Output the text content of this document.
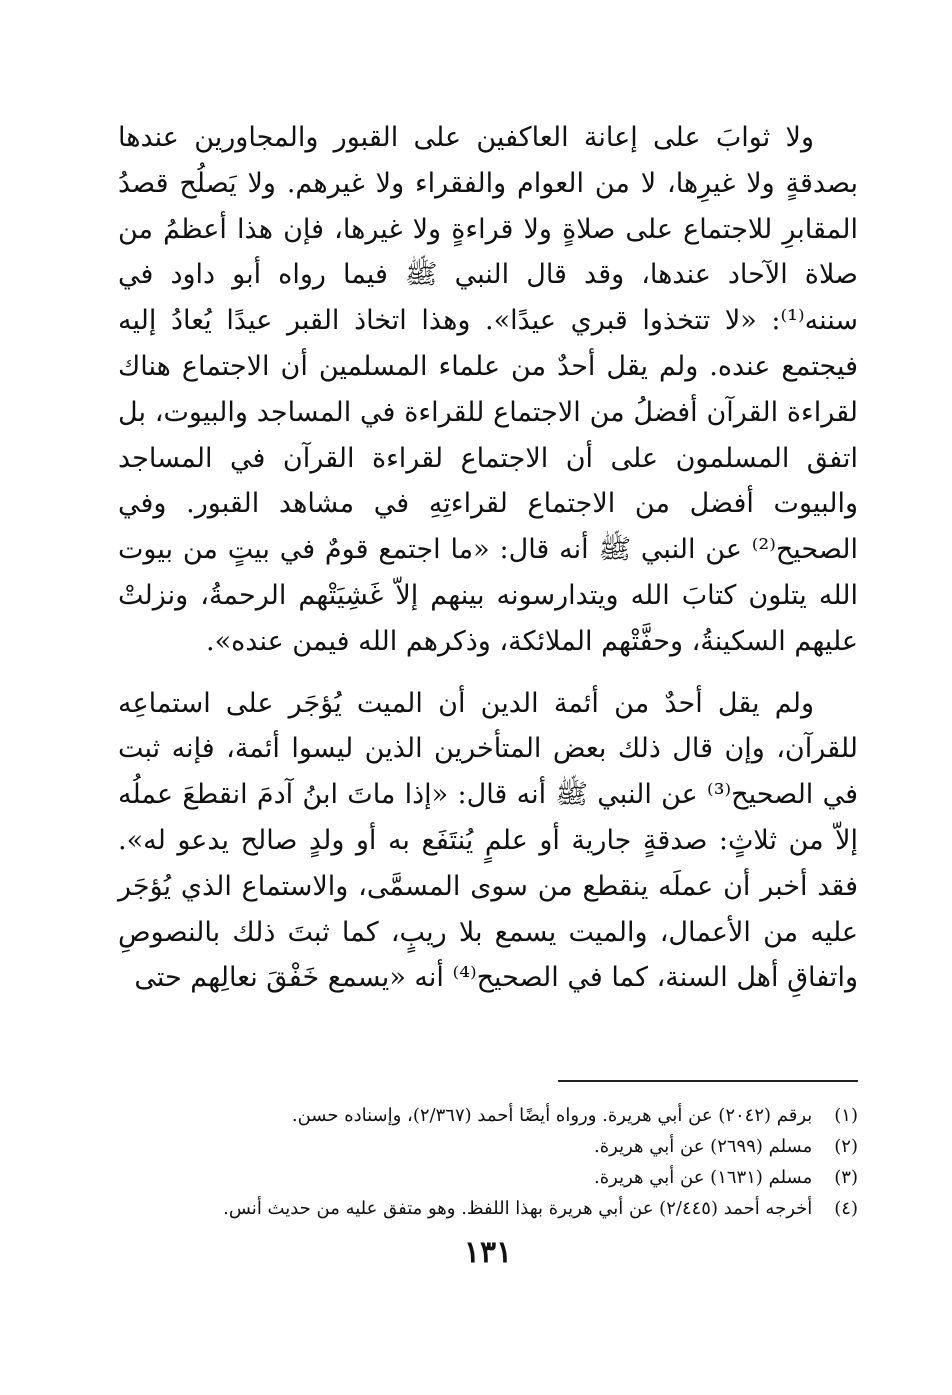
ولا ثوابَ على إعانة العاكفين على القبور والمجاورين عندها بصدقةٍ ولا غيرِها، لا من العوام والفقراء ولا غيرهم. ولا يَصلُح قصدُ المقابرِ للاجتماع على صلاةٍ ولا قراءةٍ ولا غيرها، فإن هذا أعظمُ من صلاة الآحاد عندها، وقد قال النبي ﷺ فيما رواه أبو داود في سننه⁽¹⁾: «لا تتخذوا قبري عيدًا». وهذا اتخاذ القبر عيدًا يُعادُ إليه فيجتمع عنده. ولم يقل أحدٌ من علماء المسلمين أن الاجتماع هناك لقراءة القرآن أفضلُ من الاجتماع للقراءة في المساجد والبيوت، بل اتفق المسلمون على أن الاجتماع لقراءة القرآن في المساجد والبيوت أفضل من الاجتماع لقراءتِهِ في مشاهد القبور. وفي الصحيح⁽²⁾ عن النبي ﷺ أنه قال: «ما اجتمع قومٌ في بيتٍ من بيوت الله يتلون كتابَ الله ويتدارسونه بينهم إلاّ غَشِيَتْهم الرحمةُ، ونزلتْ عليهم السكينةُ، وحفَّتْهم الملائكة، وذكرهم الله فيمن عنده».

ولم يقل أحدٌ من أئمة الدين أن الميت يُؤجَر على استماعِه للقرآن، وإن قال ذلك بعض المتأخرين الذين ليسوا أئمة، فإنه ثبت في الصحيح⁽³⁾ عن النبي ﷺ أنه قال: «إذا ماتَ ابنُ آدمَ انقطعَ عملُه إلاّ من ثلاثٍ: صدقةٍ جارية أو علمٍ يُنتَفَع به أو ولدٍ صالح يدعو له». فقد أخبر أن عملَه ينقطع من سوى المسمَّى، والاستماع الذي يُؤجَر عليه من الأعمال، والميت يسمع بلا ريبٍ، كما ثبتَ ذلك بالنصوصِ واتفاقِ أهل السنة، كما في الصحيح⁽⁴⁾ أنه «يسمع خَفْقَ نعالِهم حتى

(١) برقم (٢٠٤٢) عن أبي هريرة. ورواه أيضًا أحمد (٢/٣٦٧)، وإسناده حسن.
(٢) مسلم (٢٦٩٩) عن أبي هريرة.
(٣) مسلم (١٦٣١) عن أبي هريرة.
(٤) أخرجه أحمد (٢/٤٤٥) عن أبي هريرة بهذا اللفظ. وهو متفق عليه من حديث أنس.
١٣١
